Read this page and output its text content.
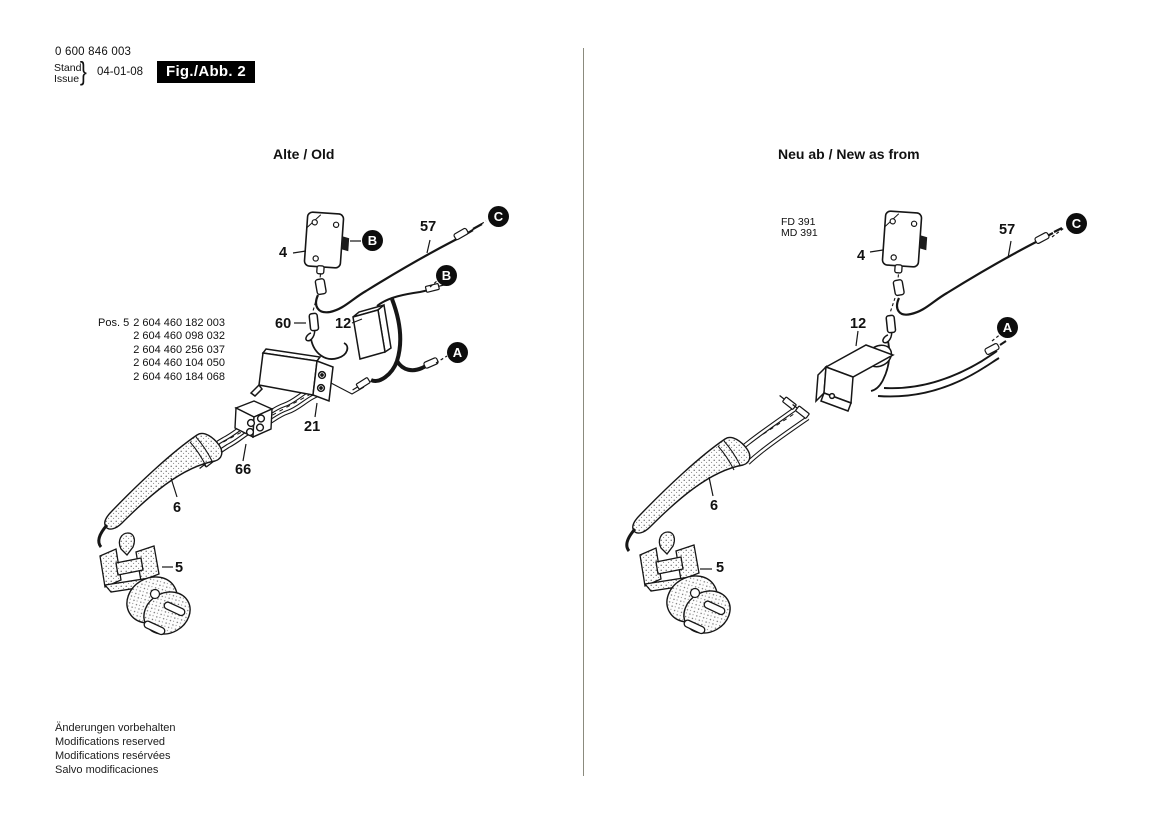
0 600 846 003
Stand
Issue } 04-01-08	Fig./Abb. 2
Alte / Old	Neu ab / New as from
Pos. 5 2 604 460 182 003
2 604 460 098 032
2 604 460 256 037
2 604 460 104 050
2 604 460 184 068
FD 391
MD 391
4
57
60	12
21
66
6
5
4
57
12
6
5
B
C
B
A
C
A
Änderungen vorbehalten
Modifications reserved
Modifications resérvées
Salvo modificaciones
